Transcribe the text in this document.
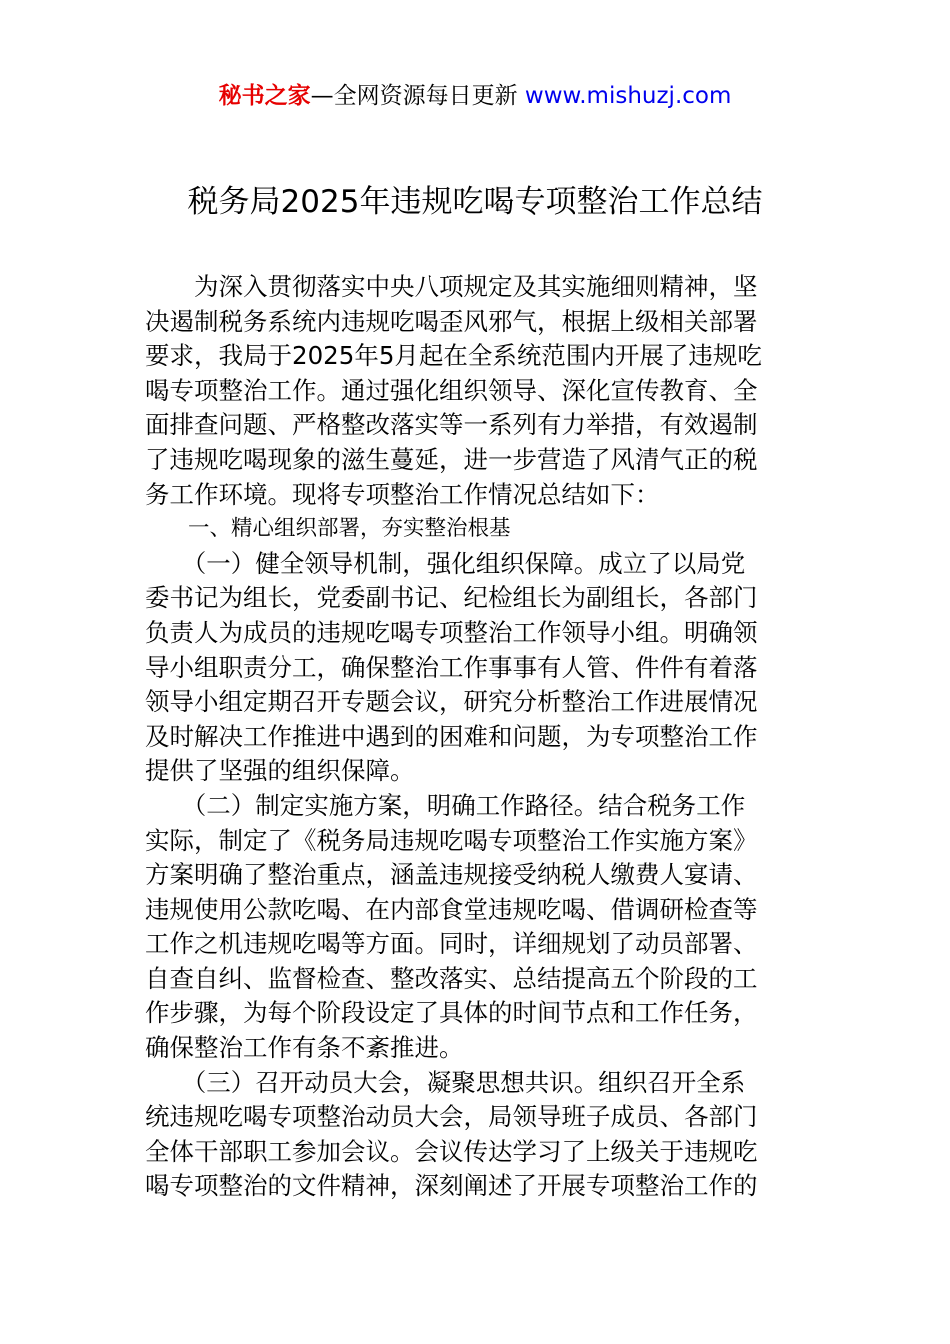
秘书之家—全网资源每日更新 www.mishuzj.com
税务局2025年违规吃喝专项整治工作总结
　　为深入贯彻落实中央八项规定及其实施细则精神，坚
决遏制税务系统内违规吃喝歪风邪气，根据上级相关部署
要求，我局于2025年5月起在全系统范围内开展了违规吃
喝专项整治工作。通过强化组织领导、深化宣传教育、全
面排查问题、严格整改落实等一系列有力举措，有效遏制
了违规吃喝现象的滋生蔓延，进一步营造了风清气正的税
务工作环境。现将专项整治工作情况总结如下：
　　一、精心组织部署，夯实整治根基
　　（一）健全领导机制，强化组织保障。成立了以局党
委书记为组长，党委副书记、纪检组长为副组长，各部门
负责人为成员的违规吃喝专项整治工作领导小组。明确领
导小组职责分工，确保整治工作事事有人管、件件有着落
领导小组定期召开专题会议，研究分析整治工作进展情况
及时解决工作推进中遇到的困难和问题，为专项整治工作
提供了坚强的组织保障。
　　（二）制定实施方案，明确工作路径。结合税务工作
实际，制定了《税务局违规吃喝专项整治工作实施方案》
方案明确了整治重点，涵盖违规接受纳税人缴费人宴请、
违规使用公款吃喝、在内部食堂违规吃喝、借调研检查等
工作之机违规吃喝等方面。同时，详细规划了动员部署、
自查自纠、监督检查、整改落实、总结提高五个阶段的工
作步骤，为每个阶段设定了具体的时间节点和工作任务，
确保整治工作有条不紊推进。
　　（三）召开动员大会，凝聚思想共识。组织召开全系
统违规吃喝专项整治动员大会，局领导班子成员、各部门
全体干部职工参加会议。会议传达学习了上级关于违规吃
喝专项整治的文件精神，深刻阐述了开展专项整治工作的
